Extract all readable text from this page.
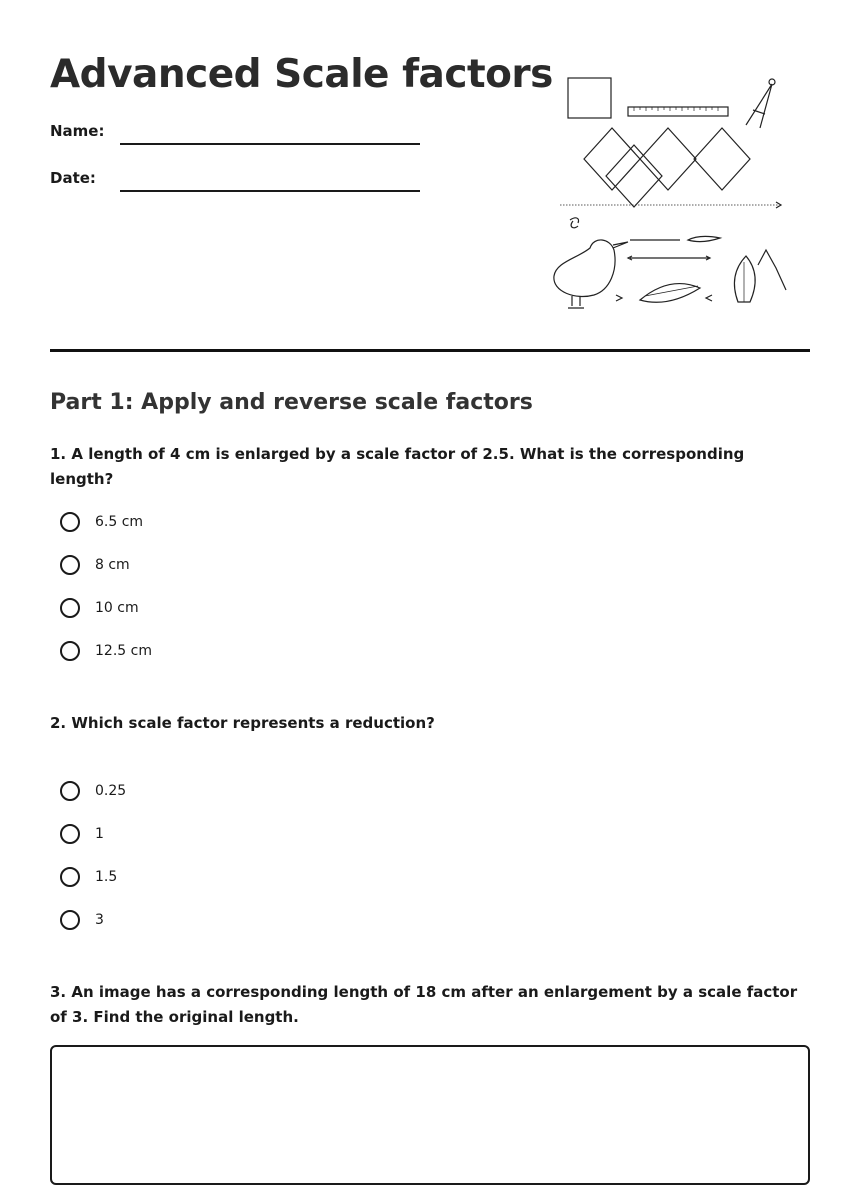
Advanced Scale factors
Name:
Date:
Part 1: Apply and reverse scale factors
1. A length of 4 cm is enlarged by a scale factor of 2.5. What is the corresponding length?
6.5 cm
8 cm
10 cm
12.5 cm
2. Which scale factor represents a reduction?
0.25
1
1.5
3
3. An image has a corresponding length of 18 cm after an enlargement by a scale factor of 3. Find the original length.
